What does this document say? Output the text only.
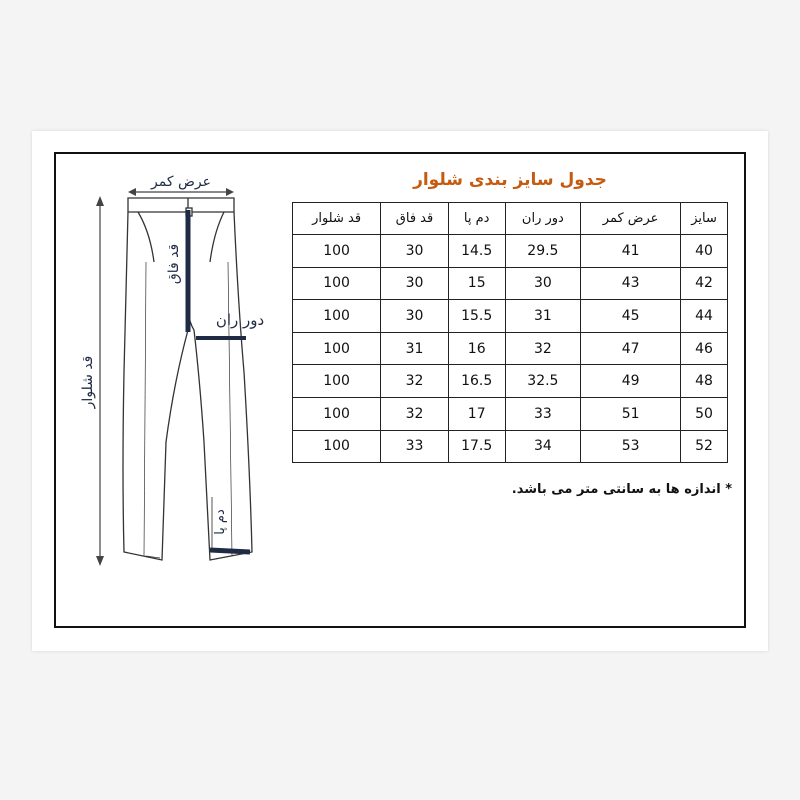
عرض کمر
قد شلوار
قد فاق
دور ران
دم پا
جدول سایز بندی شلوار
سایز	عرض کمر	دور ران	دم پا	قد فاق	قد شلوار
40	41	29.5	14.5	30	100
42	43	30	15	30	100
44	45	31	15.5	30	100
46	47	32	16	31	100
48	49	32.5	16.5	32	100
50	51	33	17	32	100
52	53	34	17.5	33	100
* اندازه ها به سانتی متر می باشد.
